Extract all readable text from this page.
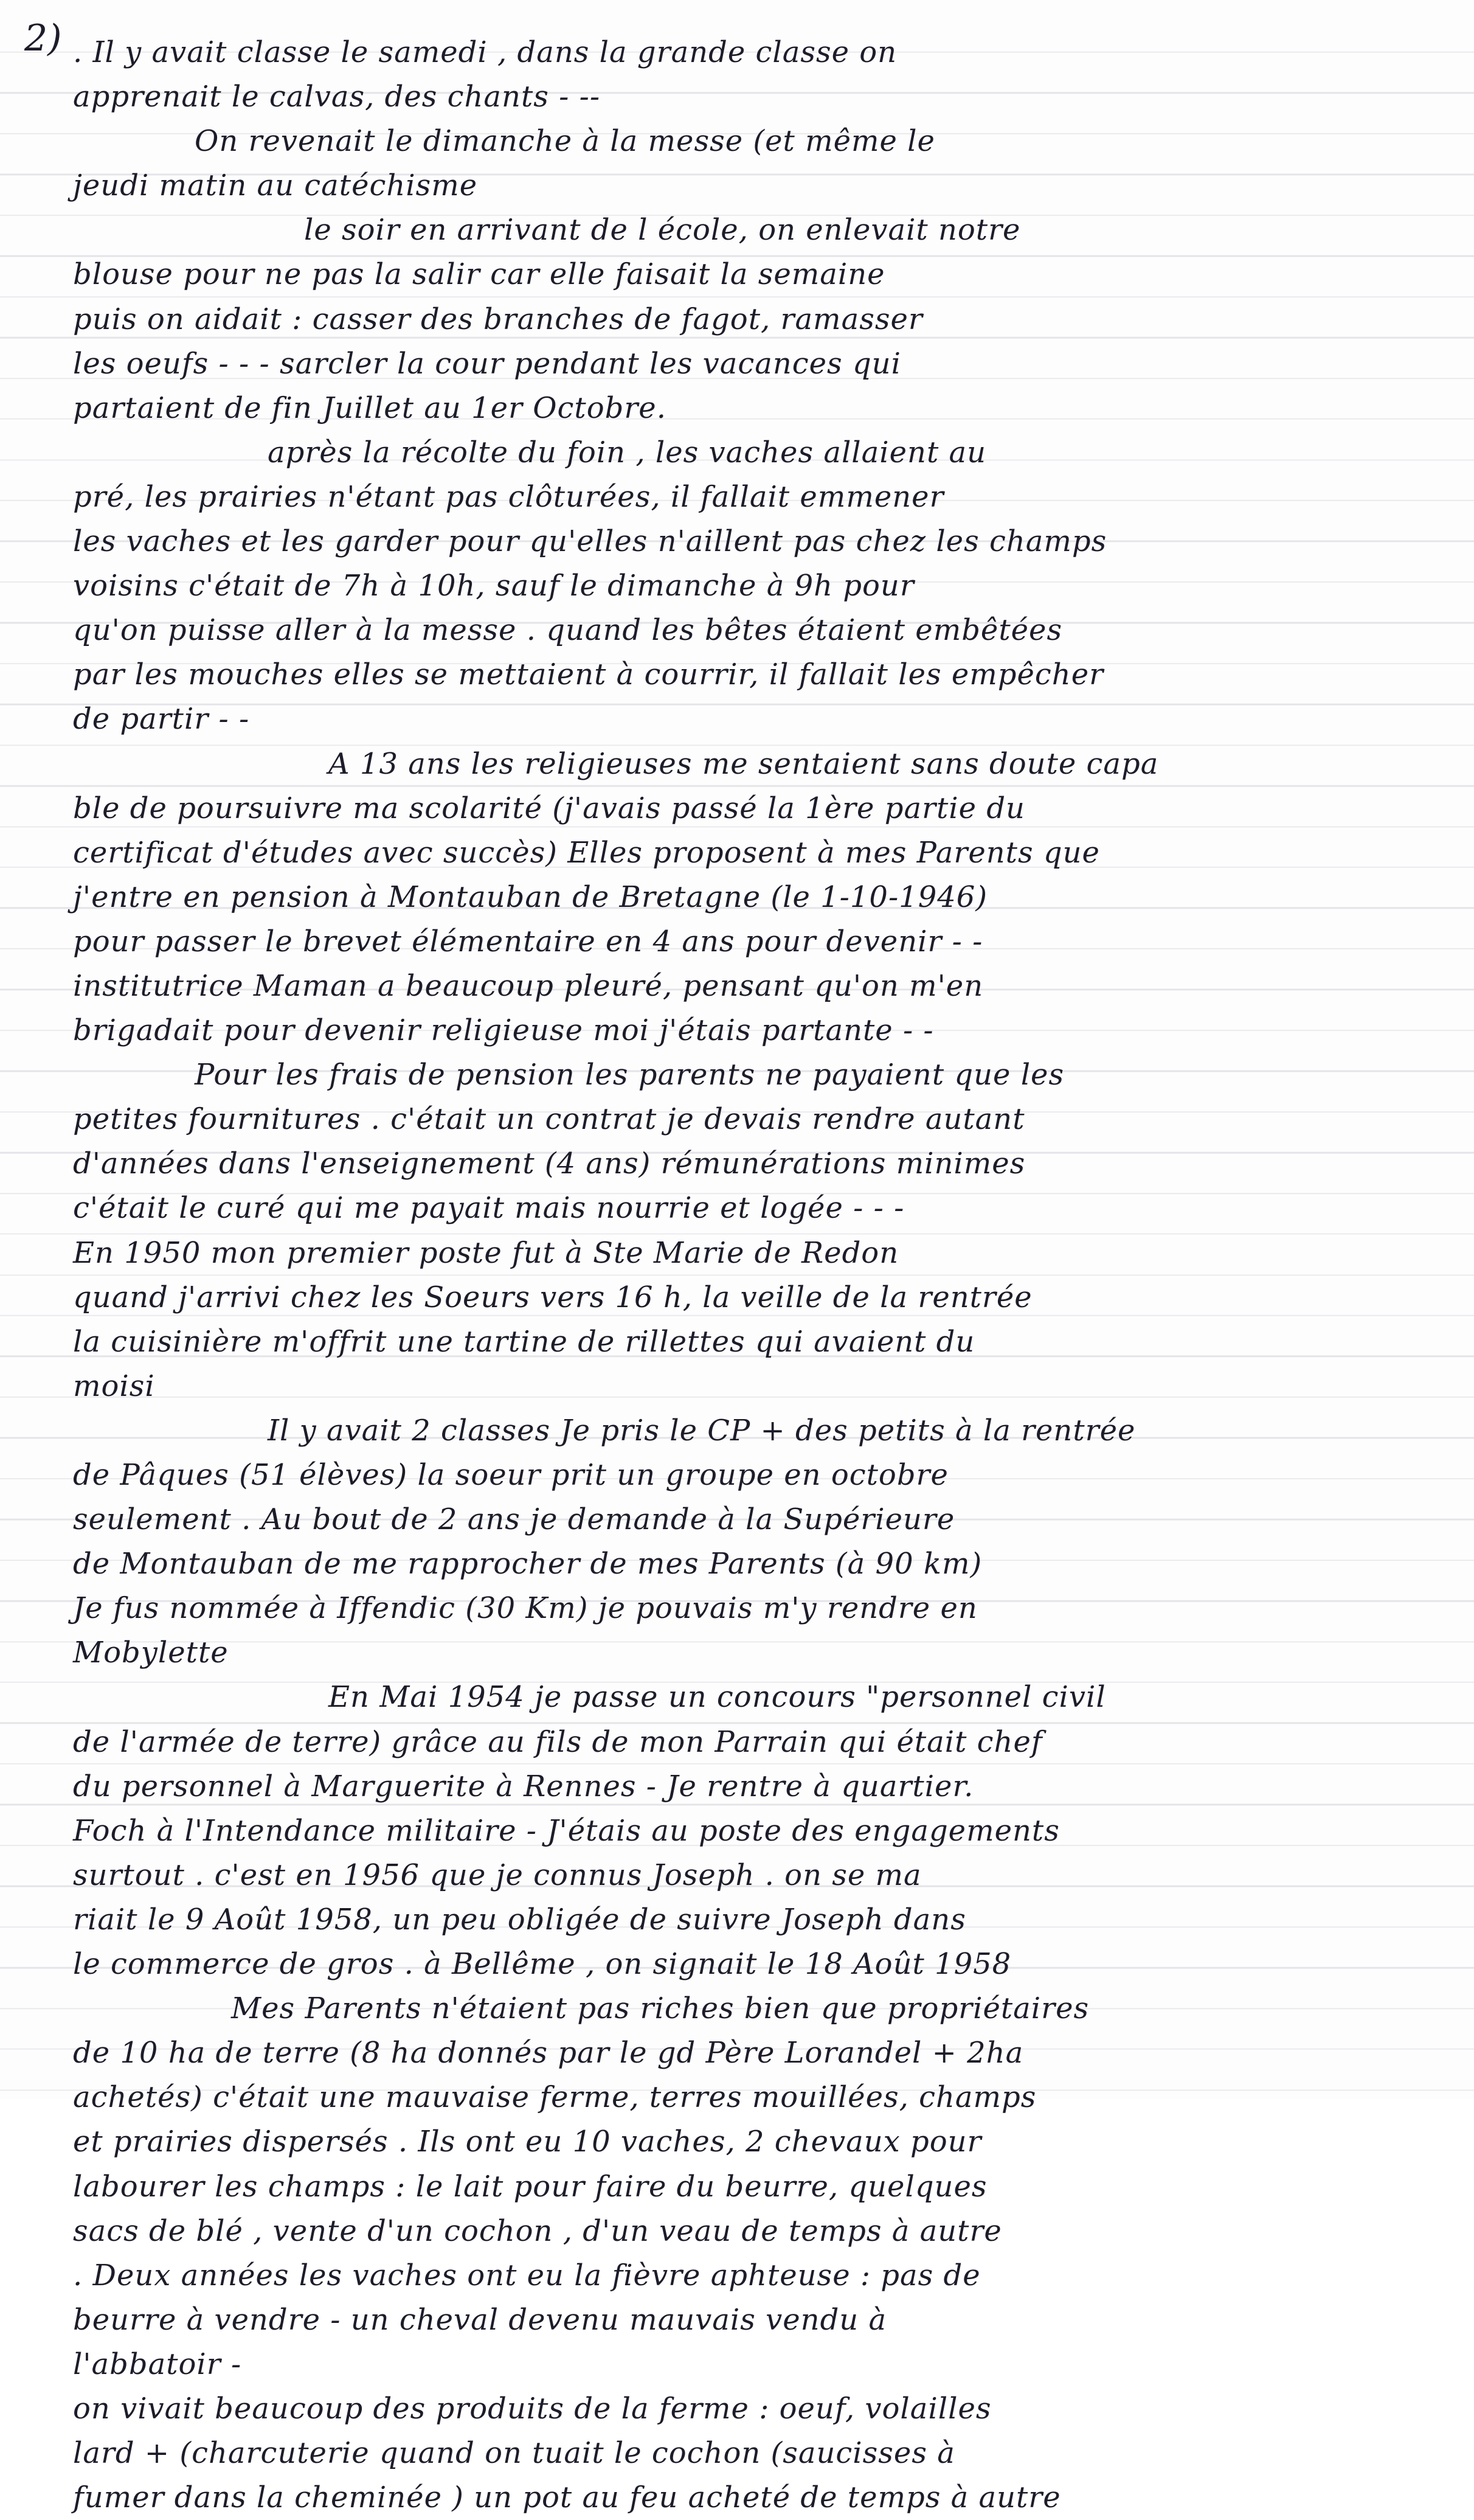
2) . Il y avait classe le samedi , dans la grande classe on
apprenait le calvas, des chants - --
On revenait le dimanche à la messe (et même le
jeudi matin au catéchisme
le soir en arrivant de l école, on enlevait notre
blouse pour ne pas la salir car elle faisait la semaine
puis on aidait : casser des branches de fagot, ramasser
les oeufs - - - sarcler la cour pendant les vacances qui
partaient de fin Juillet au 1er Octobre.
après la récolte du foin , les vaches allaient au
pré, les prairies n'étant pas clôturées, il fallait emmener
les vaches et les garder pour qu'elles n'aillent pas chez les champs
voisins c'était de 7h à 10h, sauf le dimanche à 9h pour
qu'on puisse aller à la messe . quand les bêtes étaient embêtées
par les mouches elles se mettaient à courrir, il fallait les empêcher
de partir - -
A 13 ans les religieuses me sentaient sans doute capa
ble de poursuivre ma scolarité (j'avais passé la 1ère partie du
certificat d'études avec succès) Elles proposent à mes Parents que
j'entre en pension à Montauban de Bretagne (le 1-10-1946)
pour passer le brevet élémentaire en 4 ans pour devenir - -
institutrice Maman a beaucoup pleuré, pensant qu'on m'en
brigadait pour devenir religieuse moi j'étais partante - -
Pour les frais de pension les parents ne payaient que les
petites fournitures . c'était un contrat je devais rendre autant
d'années dans l'enseignement (4 ans) rémunérations minimes
c'était le curé qui me payait mais nourrie et logée - - -
En 1950 mon premier poste fut à Ste Marie de Redon
quand j'arrivi chez les Soeurs vers 16 h, la veille de la rentrée
la cuisinière m'offrit une tartine de rillettes qui avaient du
moisi
Il y avait 2 classes Je pris le CP + des petits à la rentrée
de Pâques (51 élèves) la soeur prit un groupe en octobre
seulement . Au bout de 2 ans je demande à la Supérieure
de Montauban de me rapprocher de mes Parents (à 90 km)
Je fus nommée à Iffendic (30 Km) je pouvais m'y rendre en
Mobylette
En Mai 1954 je passe un concours "personnel civil
de l'armée de terre) grâce au fils de mon Parrain qui était chef
du personnel à Marguerite à Rennes - Je rentre à quartier.
Foch à l'Intendance militaire - J'étais au poste des engagements
surtout . c'est en 1956 que je connus Joseph . on se ma
riait le 9 Août 1958, un peu obligée de suivre Joseph dans
le commerce de gros . à Bellême , on signait le 18 Août 1958
Mes Parents n'étaient pas riches bien que propriétaires
de 10 ha de terre (8 ha donnés par le gd Père Lorandel + 2ha
achetés) c'était une mauvaise ferme, terres mouillées, champs
et prairies dispersés . Ils ont eu 10 vaches, 2 chevaux pour
labourer les champs : le lait pour faire du beurre, quelques
sacs de blé , vente d'un cochon , d'un veau de temps à autre
. Deux années les vaches ont eu la fièvre aphteuse : pas de
beurre à vendre - un cheval devenu mauvais vendu à
l'abbatoir -
on vivait beaucoup des produits de la ferme : oeuf, volailles
lard + (charcuterie quand on tuait le cochon (saucisses à
fumer dans la cheminée ) un pot au feu acheté de temps à autre
